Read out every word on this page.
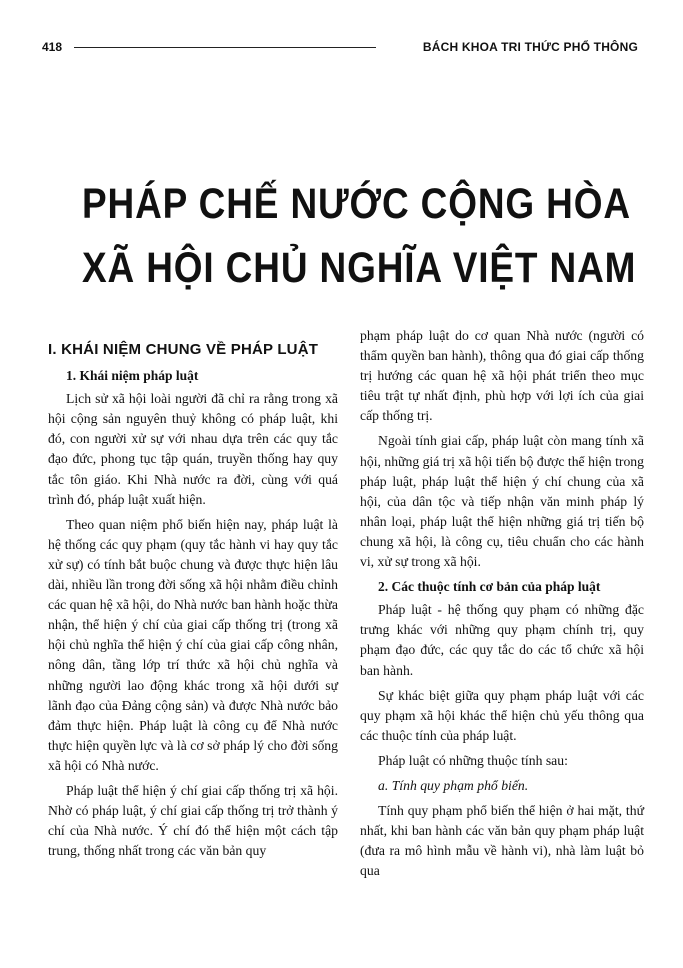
418	BÁCH KHOA TRI THỨC PHỔ THÔNG
PHÁP CHẾ NƯỚC CỘNG HÒA
XÃ HỘI CHỦ NGHĨA VIỆT NAM
I. KHÁI NIỆM CHUNG VỀ PHÁP LUẬT
1. Khái niệm pháp luật

Lịch sử xã hội loài người đã chỉ ra rằng trong xã hội cộng sản nguyên thuỷ không có pháp luật, khi đó, con người xử sự với nhau dựa trên các quy tắc đạo đức, phong tục tập quán, truyền thống hay quy tắc tôn giáo. Khi Nhà nước ra đời, cùng với quá trình đó, pháp luật xuất hiện.

Theo quan niệm phổ biến hiện nay, pháp luật là hệ thống các quy phạm (quy tắc hành vi hay quy tắc xử sự) có tính bắt buộc chung và được thực hiện lâu dài, nhiều lần trong đời sống xã hội nhằm điều chỉnh các quan hệ xã hội, do Nhà nước ban hành hoặc thừa nhận, thể hiện ý chí của giai cấp thống trị (trong xã hội chủ nghĩa thể hiện ý chí của giai cấp công nhân, nông dân, tầng lớp trí thức xã hội chủ nghĩa và những người lao động khác trong xã hội dưới sự lãnh đạo của Đảng cộng sản) và được Nhà nước bảo đảm thực hiện. Pháp luật là công cụ để Nhà nước thực hiện quyền lực và là cơ sở pháp lý cho đời sống xã hội có Nhà nước.

Pháp luật thể hiện ý chí giai cấp thống trị xã hội. Nhờ có pháp luật, ý chí giai cấp thống trị trở thành ý chí của Nhà nước. Ý chí đó thể hiện một cách tập trung, thống nhất trong các văn bản quy

phạm pháp luật do cơ quan Nhà nước (người có thẩm quyền ban hành), thông qua đó giai cấp thống trị hướng các quan hệ xã hội phát triển theo mục tiêu trật tự nhất định, phù hợp với lợi ích của giai cấp thống trị.

Ngoài tính giai cấp, pháp luật còn mang tính xã hội, những giá trị xã hội tiến bộ được thể hiện trong pháp luật, pháp luật thể hiện ý chí chung của xã hội, của dân tộc và tiếp nhận văn minh pháp lý nhân loại, pháp luật thể hiện những giá trị tiến bộ chung xã hội, là công cụ, tiêu chuẩn cho các hành vi, xử sự trong xã hội.

2. Các thuộc tính cơ bản của pháp luật

Pháp luật - hệ thống quy phạm có những đặc trưng khác với những quy phạm chính trị, quy phạm đạo đức, các quy tắc do các tổ chức xã hội ban hành.

Sự khác biệt giữa quy phạm pháp luật với các quy phạm xã hội khác thể hiện chủ yếu thông qua các thuộc tính của pháp luật.

Pháp luật có những thuộc tính sau:

a. Tính quy phạm phổ biến.

Tính quy phạm phổ biến thể hiện ở hai mặt, thứ nhất, khi ban hành các văn bản quy phạm pháp luật (đưa ra mô hình mẫu về hành vi), nhà làm luật bỏ qua
